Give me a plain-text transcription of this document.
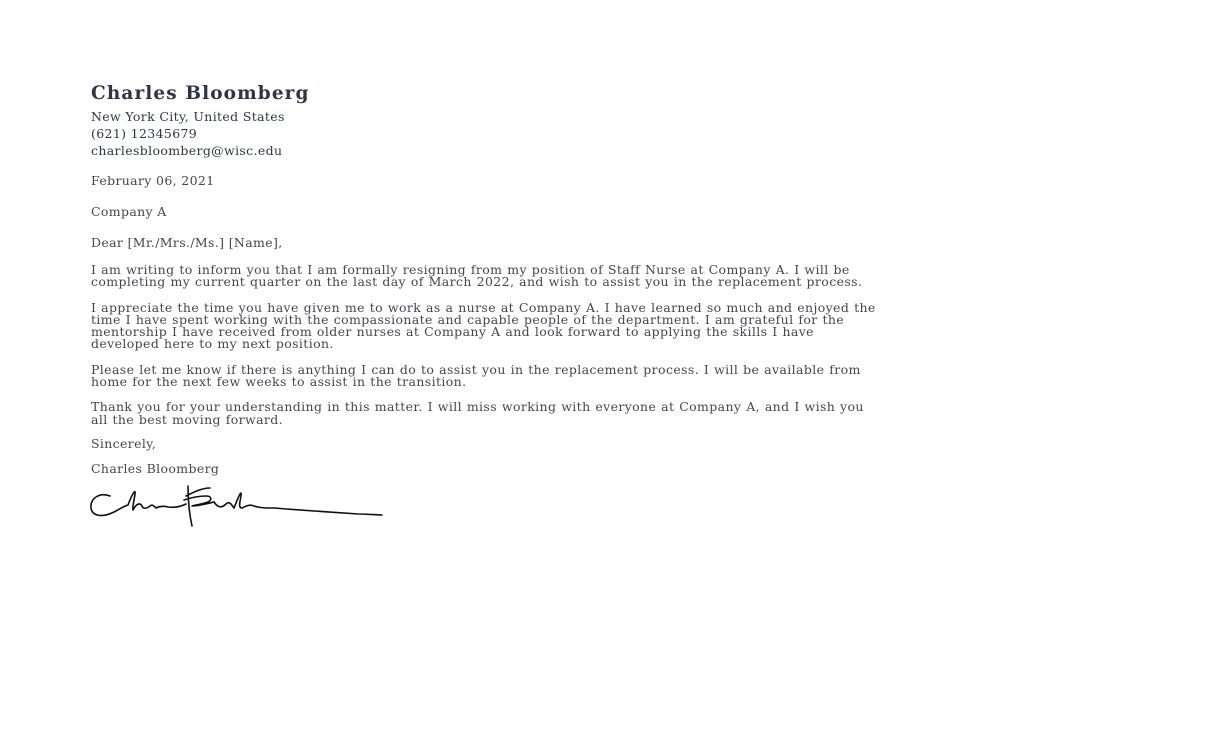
Charles Bloomberg
New York City, United States
(621) 12345679
charlesbloomberg@wisc.edu
February 06, 2021
Company A
Dear [Mr./Mrs./Ms.] [Name],
I am writing to inform you that I am formally resigning from my position of Staff Nurse at Company A. I will be
completing my current quarter on the last day of March 2022, and wish to assist you in the replacement process.
I appreciate the time you have given me to work as a nurse at Company A. I have learned so much and enjoyed the
time I have spent working with the compassionate and capable people of the department. I am grateful for the
mentorship I have received from older nurses at Company A and look forward to applying the skills I have
developed here to my next position.
Please let me know if there is anything I can do to assist you in the replacement process. I will be available from
home for the next few weeks to assist in the transition.
Thank you for your understanding in this matter. I will miss working with everyone at Company A, and I wish you
all the best moving forward.
Sincerely,
Charles Bloomberg
